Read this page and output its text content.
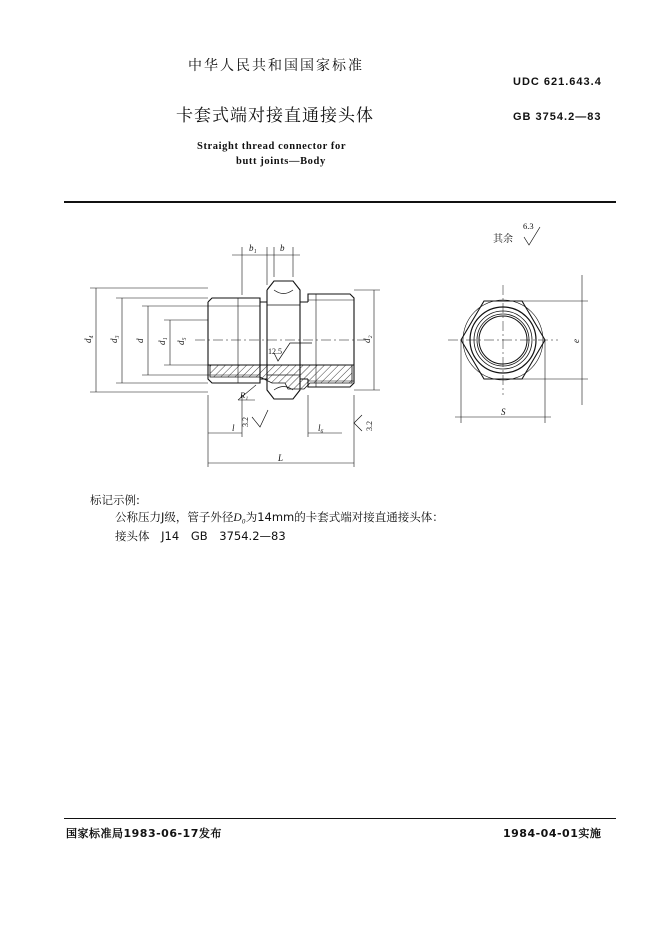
中华人民共和国国家标准
UDC 621.643.4
卡套式端对接直通接头体	GB 3754.2—83
Straight thread connector for
butt joints—Body
b₁	b
d₄ d₃ d d₁ d₅	d₂
12.5
R₁
3.2	3.2
l	l₆
L
S
e
其余
6.3
标记示例:
公称压力J级，管子外径D₀为14mm的卡套式端对接直通接头体：
接头体 J14 GB 3754.2—83
国家标准局1983-06-17发布	1984-04-01实施
